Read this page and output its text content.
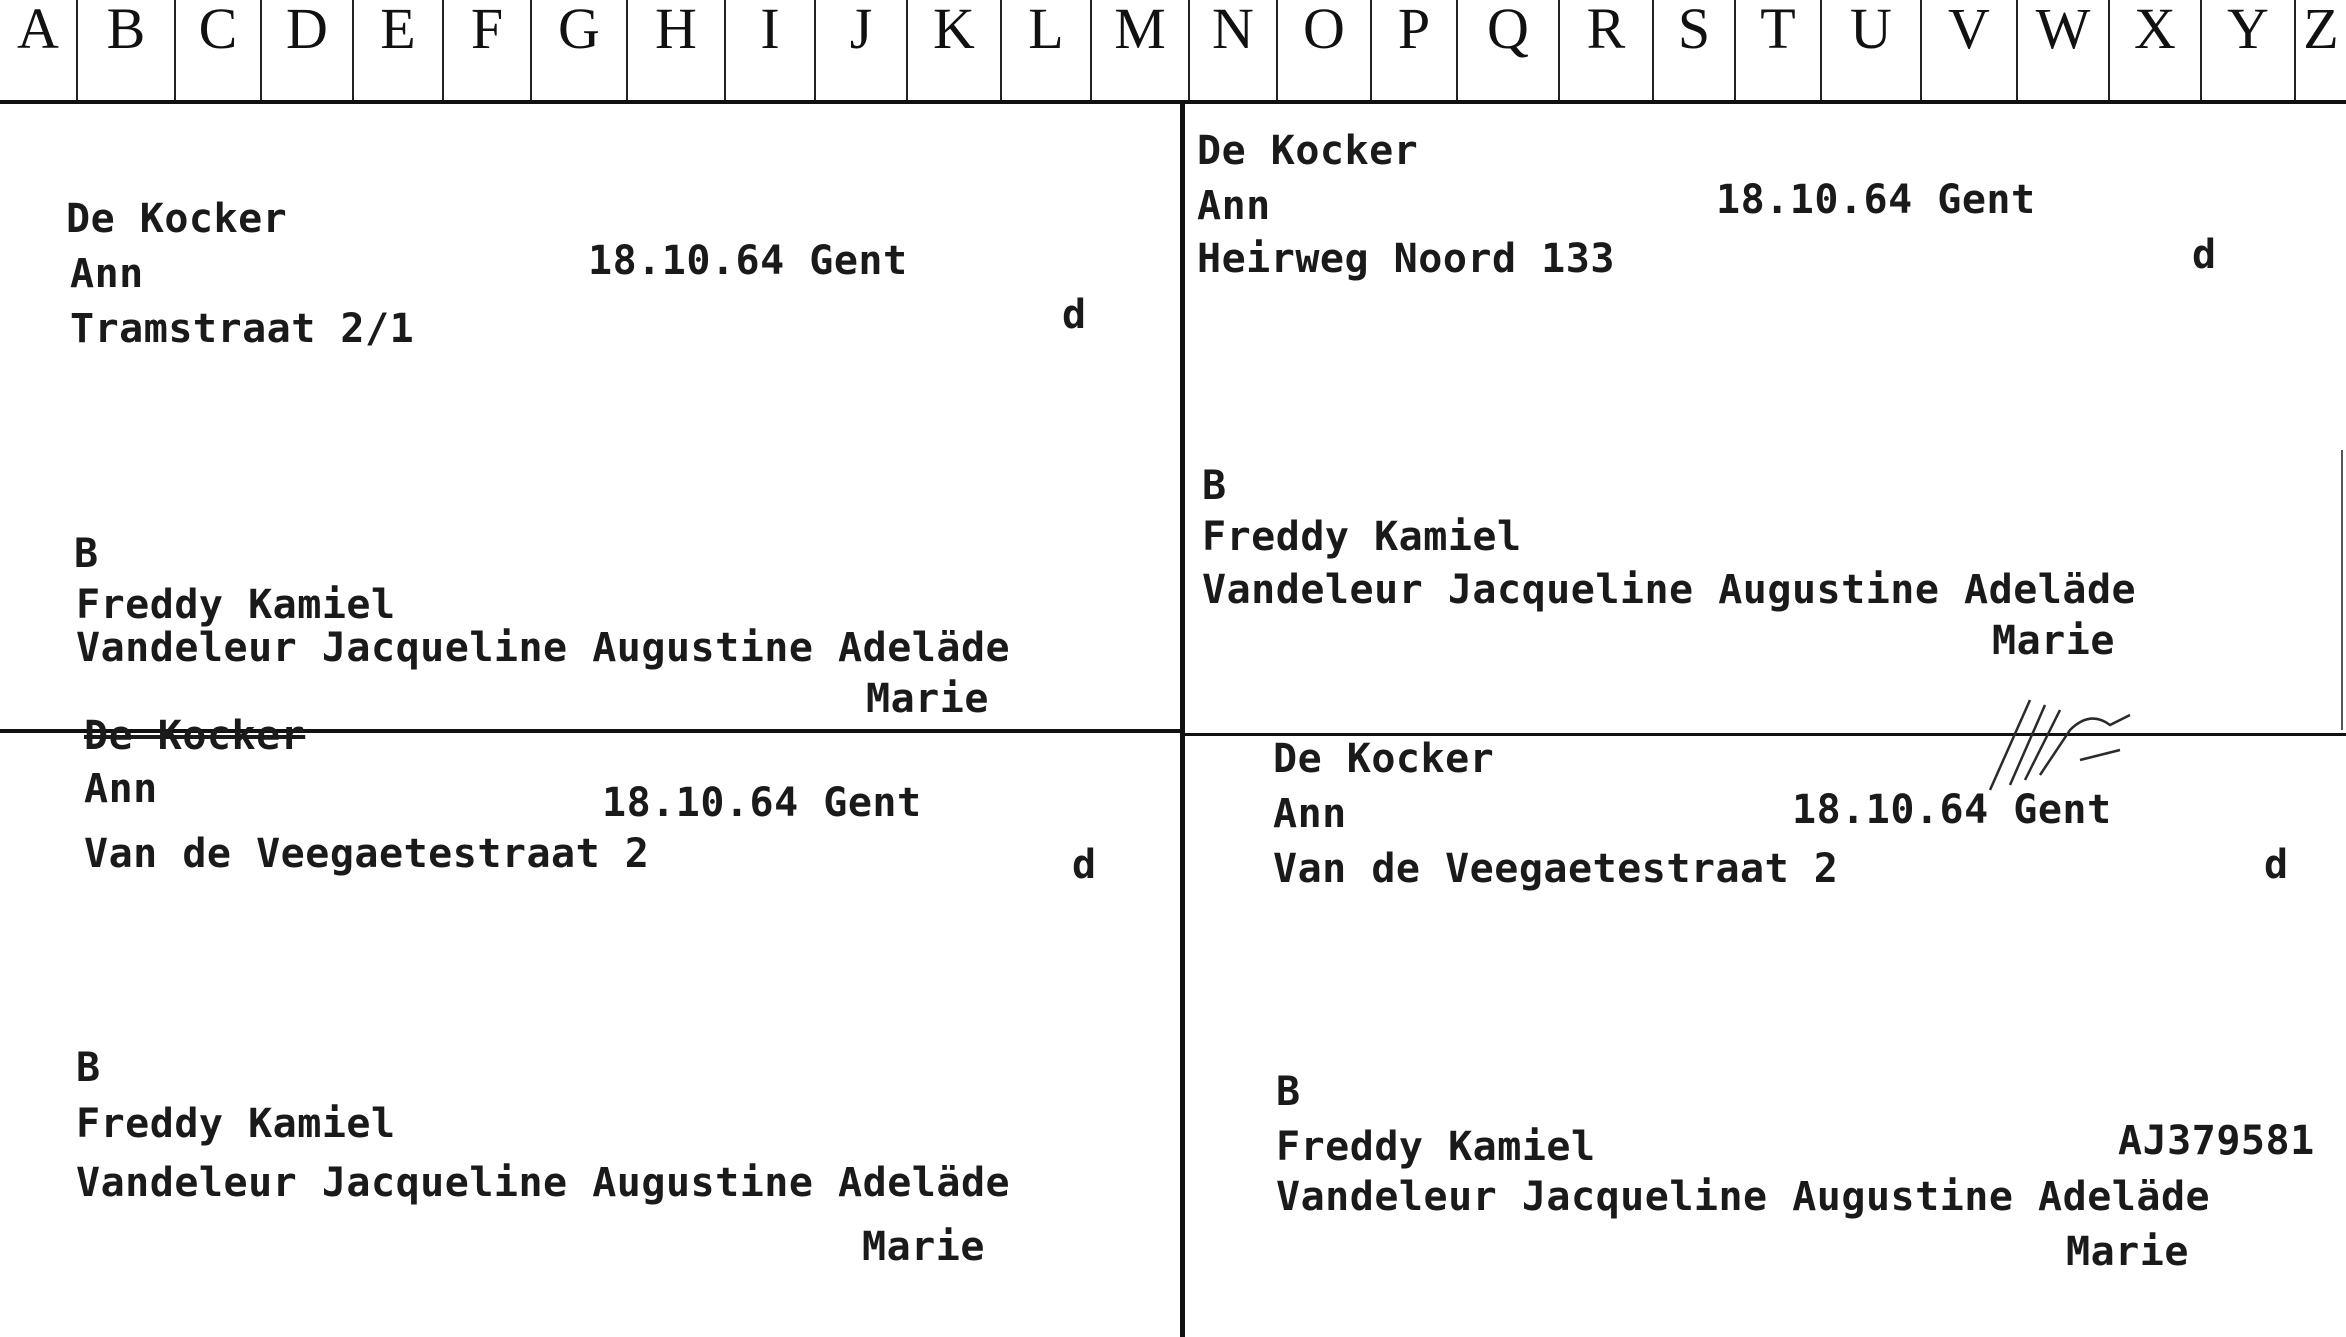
A B C D E F G H	I	J	K L M N O P Q R S T U V W X Y Z
De Kocker
Ann	18.10.64 Gent
Tramstraat 2/1	d
B
Freddy Kamiel
Vandeleur Jacqueline Augustine Adeläde
Marie
De Kocker
Ann	18.10.64 Gent
Heirweg Noord 133	d
B
Freddy Kamiel
Vandeleur Jacqueline Augustine Adeläde
Marie
De Kocker
Ann	18.10.64 Gent
Van de Veegaetestraat 2	d
B
Freddy Kamiel
Vandeleur Jacqueline Augustine Adeläde
Marie
De Kocker
Ann	18.10.64 Gent
Van de Veegaetestraat 2	d
B
Freddy Kamiel	AJ379581
Vandeleur Jacqueline Augustine Adeläde
Marie
